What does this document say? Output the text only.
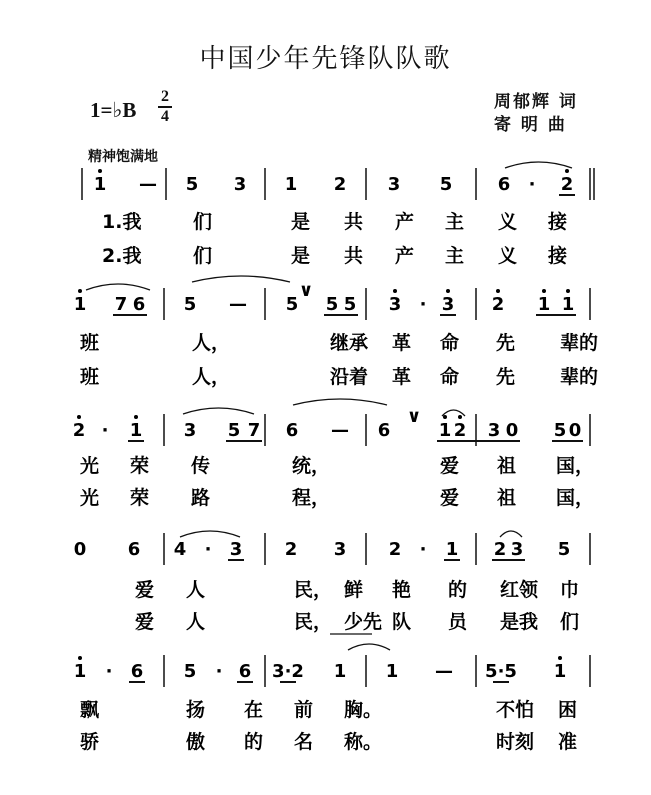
中国少年先锋队队歌
1=♭B
2
4
周郁辉 词
寄 明 曲
精神饱满地
1 — 5 3 1 2 3 5	6 · 2
1.我	们	是 共 产 主 义 接
2.我	们	是 共 产 主 义 接
1 7 6 5 — 5
∨
5 5 3 · 3 2 1 1
班	人，	继承 革 命 先 辈的
班	人，	沿着 革 命 先 辈的
2 · 1 3 5 7 6 — 6
∨
1 2 3 0 5 0
光 荣 传	统，	爱 祖 国，
光 荣 路	程，	爱 祖 国，
0 6 4 · 3 2 3 2 · 1 2 3 5
爱 人	民， 鲜 艳 的 红领 巾
爱 人	民， 少先 队 员 是我 们
1 · 6 5 · 6 3·2 1 1 — 5·5 1
飘	扬 在 前 胸。	不怕 困
骄	傲 的 名 称。	时刻 准
